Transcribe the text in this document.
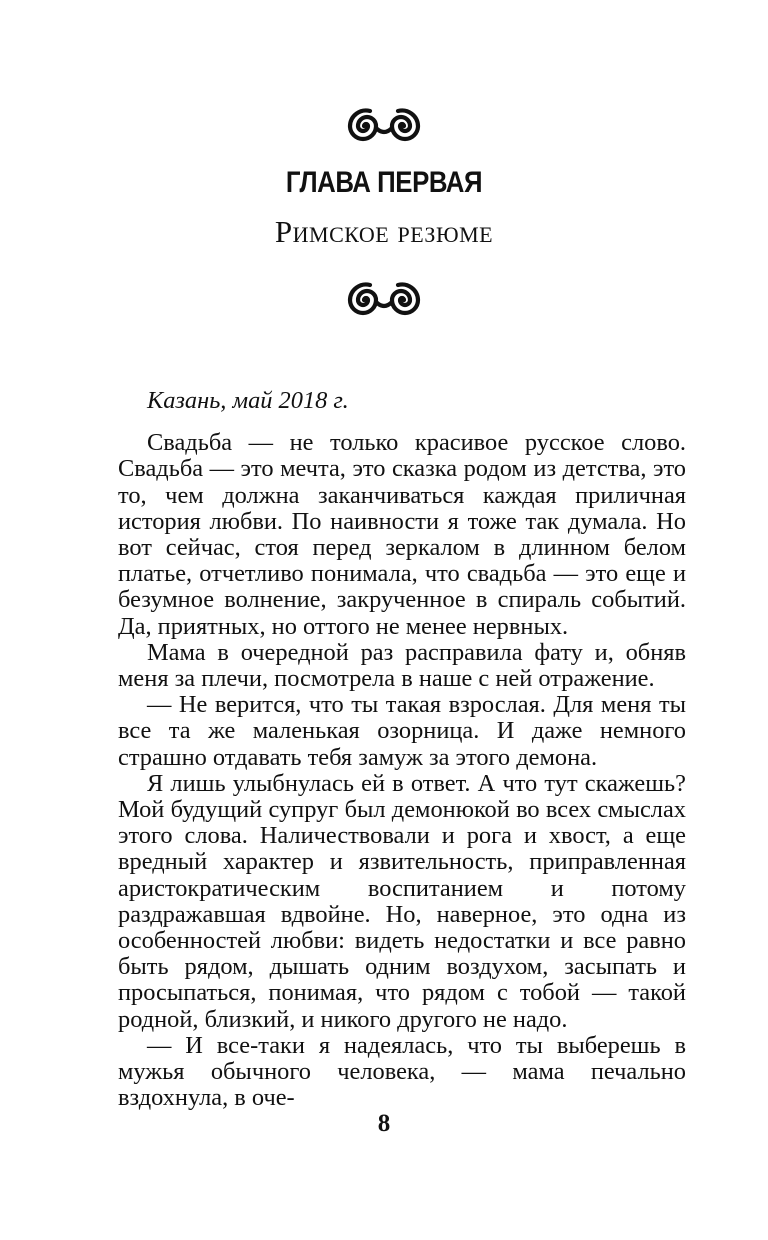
ГЛАВА ПЕРВАЯ
Римское резюме

Казань, май 2018 г.

Свадьба — не только красивое русское слово. Свадьба — это мечта, это сказка родом из детства, это то, чем должна заканчиваться каждая приличная история любви. По наивности я тоже так думала. Но вот сейчас, стоя перед зеркалом в длинном белом платье, отчетливо понимала, что свадьба — это еще и безумное волнение, закрученное в спираль событий. Да, приятных, но оттого не менее нервных.

Мама в очередной раз расправила фату и, обняв меня за плечи, посмотрела в наше с ней отражение.

— Не верится, что ты такая взрослая. Для меня ты все та же маленькая озорница. И даже немного страшно отдавать тебя замуж за этого демона.

Я лишь улыбнулась ей в ответ. А что тут скажешь? Мой будущий супруг был демонюкой во всех смыслах этого слова. Наличествовали и рога и хвост, а еще вредный характер и язвительность, приправленная аристократическим воспитанием и потому раздражавшая вдвойне. Но, наверное, это одна из особенностей любви: видеть недостатки и все равно быть рядом, дышать одним воздухом, засыпать и просыпаться, понимая, что рядом с тобой — такой родной, близкий, и никого другого не надо.

— И все-таки я надеялась, что ты выберешь в мужья обычного человека, — мама печально вздохнула, в оче-

8
